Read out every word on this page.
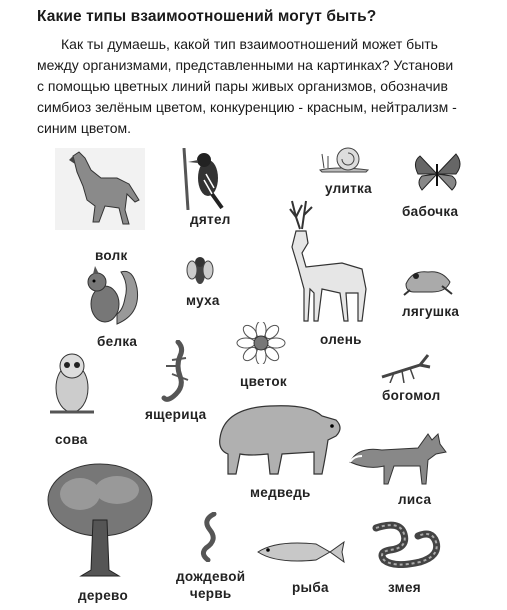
Какие типы взаимоотношений могут быть?
Как ты думаешь, какой тип взаимоотношений может быть
между организмами, представленными на картинках? Установи
с помощью цветных линий пары живых организмов, обозначив
симбиоз зелёным цветом, конкуренцию - красным, нейтрализм -
синим цветом.
волк
дятел
улитка
бабочка
олень
муха
лягушка
белка
цветок
ящерица
богомол
сова
медведь	лиса
дерево
дождевой
червь	рыба	змея
